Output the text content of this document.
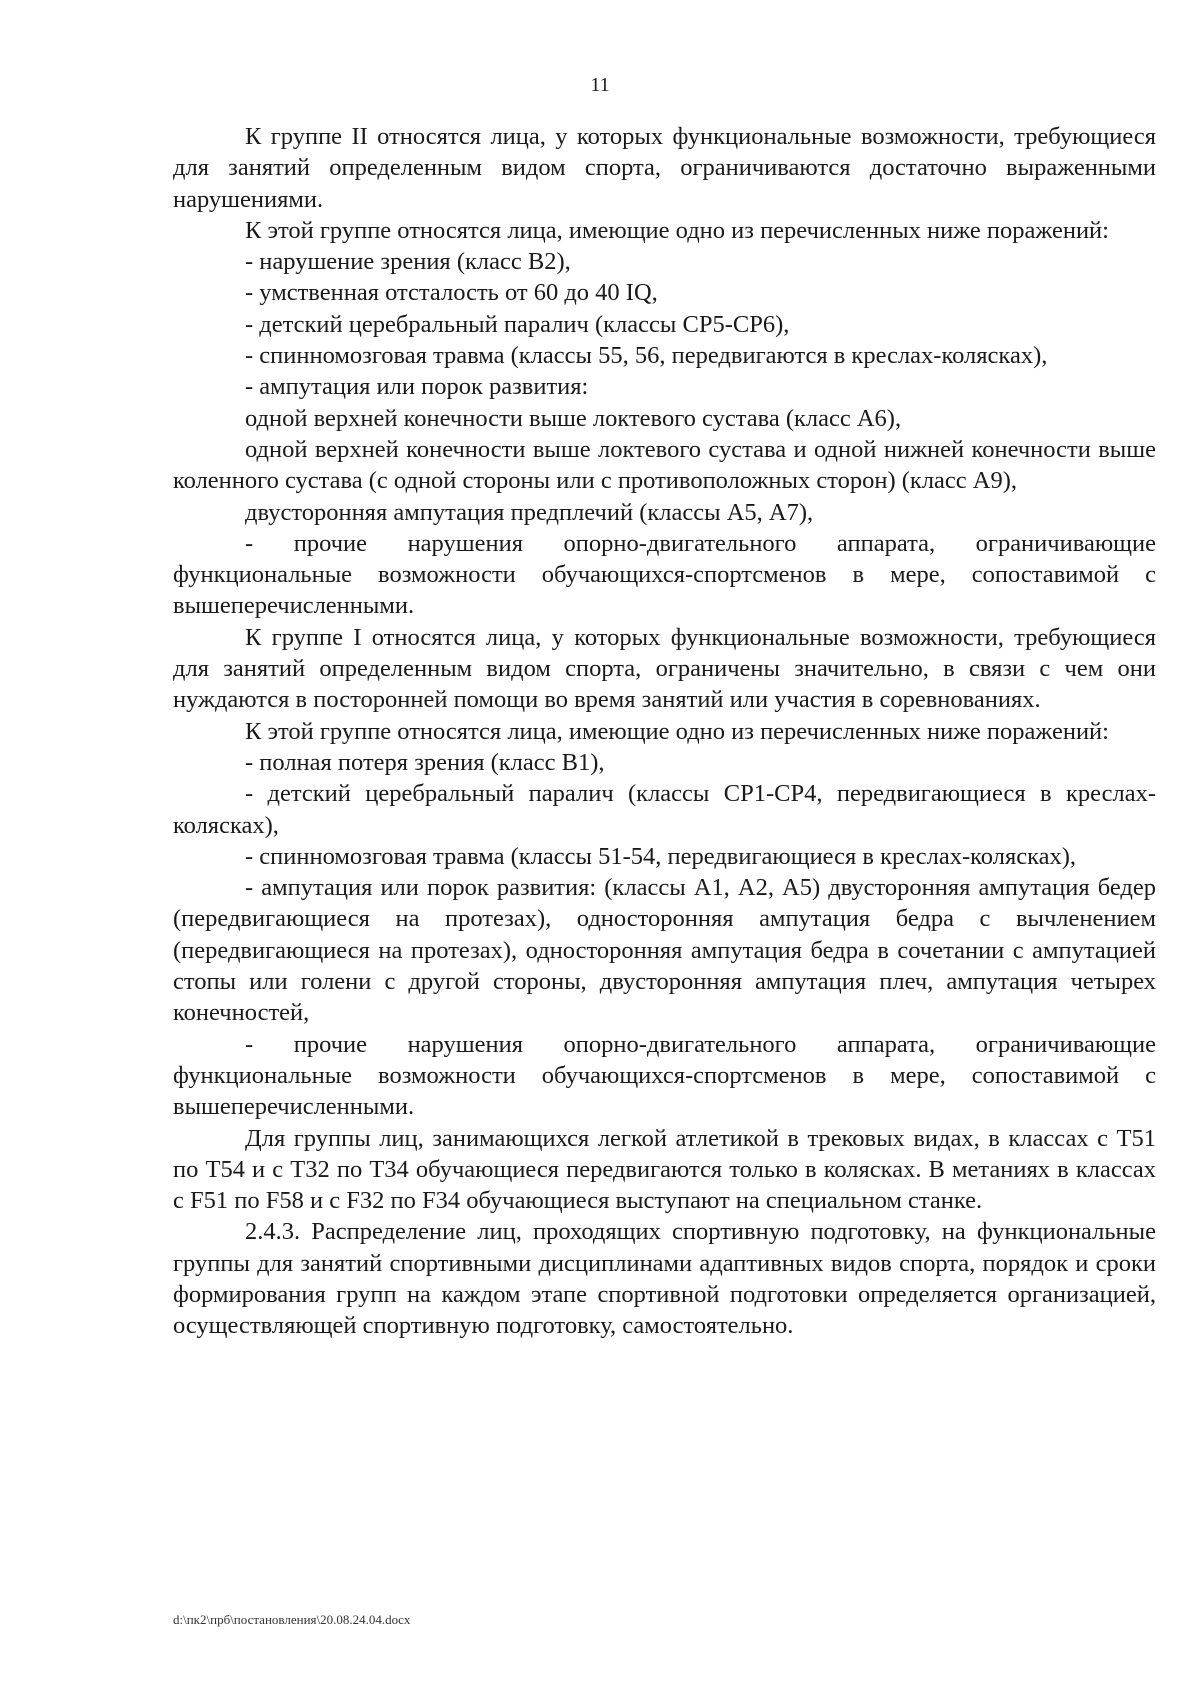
11

К группе II относятся лица, у которых функциональные возможности, требующиеся для занятий определенным видом спорта, ограничиваются достаточно выраженными нарушениями.

К этой группе относятся лица, имеющие одно из перечисленных ниже поражений:

- нарушение зрения (класс В2),

- умственная отсталость от 60 до 40 IQ,

- детский церебральный паралич (классы CP5-CP6),

- спинномозговая травма (классы 55, 56, передвигаются в креслах-колясках),

- ампутация или порок развития:

одной верхней конечности выше локтевого сустава (класс А6),

одной верхней конечности выше локтевого сустава и одной нижней конечности выше коленного сустава (с одной стороны или с противоположных сторон) (класс А9),

двусторонняя ампутация предплечий (классы А5, А7),

- прочие нарушения опорно-двигательного аппарата, ограничивающие функциональные возможности обучающихся-спортсменов в мере, сопоставимой с вышеперечисленными.

К группе I относятся лица, у которых функциональные возможности, требующиеся для занятий определенным видом спорта, ограничены значительно, в связи с чем они нуждаются в посторонней помощи во время занятий или участия в соревнованиях.

К этой группе относятся лица, имеющие одно из перечисленных ниже поражений:

- полная потеря зрения (класс В1),

- детский церебральный паралич (классы CP1-CP4, передвигающиеся в креслах-колясках),

- спинномозговая травма (классы 51-54, передвигающиеся в креслах-колясках),

- ампутация или порок развития: (классы А1, А2, А5) двусторонняя ампутация бедер (передвигающиеся на протезах), односторонняя ампутация бедра с вычленением (передвигающиеся на протезах), односторонняя ампутация бедра в сочетании с ампутацией стопы или голени с другой стороны, двусторонняя ампутация плеч, ампутация четырех конечностей,

- прочие нарушения опорно-двигательного аппарата, ограничивающие функциональные возможности обучающихся-спортсменов в мере, сопоставимой с вышеперечисленными.

Для группы лиц, занимающихся легкой атлетикой в трековых видах, в классах с Т51 по Т54 и с Т32 по Т34 обучающиеся передвигаются только в колясках. В метаниях в классах с F51 по F58 и с F32 по F34 обучающиеся выступают на специальном станке.

2.4.3. Распределение лиц, проходящих спортивную подготовку, на функциональные группы для занятий спортивными дисциплинами адаптивных видов спорта, порядок и сроки формирования групп на каждом этапе спортивной подготовки определяется организацией, осуществляющей спортивную подготовку, самостоятельно.

d:\пк2\прб\постановления\20.08.24.04.docx
